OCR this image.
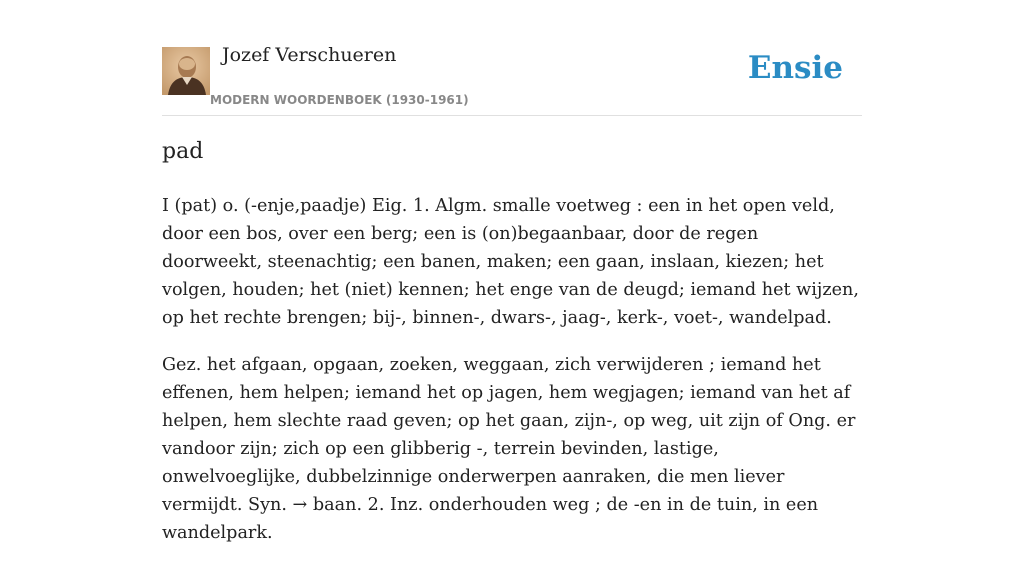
Jozef Verschueren
MODERN WOORDENBOEK (1930-1961)
Ensie
pad

I (pat) o. (-enje,paadje) Eig. 1. Algm. smalle voetweg : een in het open veld, door een bos, over een berg; een is (on)begaanbaar, door de regen doorweekt, steenachtig; een banen, maken; een gaan, inslaan, kiezen; het volgen, houden; het (niet) kennen; het enge van de deugd; iemand het wijzen, op het rechte brengen; bij-, binnen-, dwars-, jaag-, kerk-, voet-, wandelpad.

Gez. het afgaan, opgaan, zoeken, weggaan, zich verwijderen ; iemand het effenen, hem helpen; iemand het op jagen, hem wegjagen; iemand van het af helpen, hem slechte raad geven; op het gaan, zijn-, op weg, uit zijn of Ong. er vandoor zijn; zich op een glibberig -, terrein bevinden, lastige, onwelvoeglijke, dubbelzinnige onderwerpen aanraken, die men liever vermijdt. Syn. → baan. 2. Inz. onderhouden weg ; de -en in de tuin, in een wandelpark.
